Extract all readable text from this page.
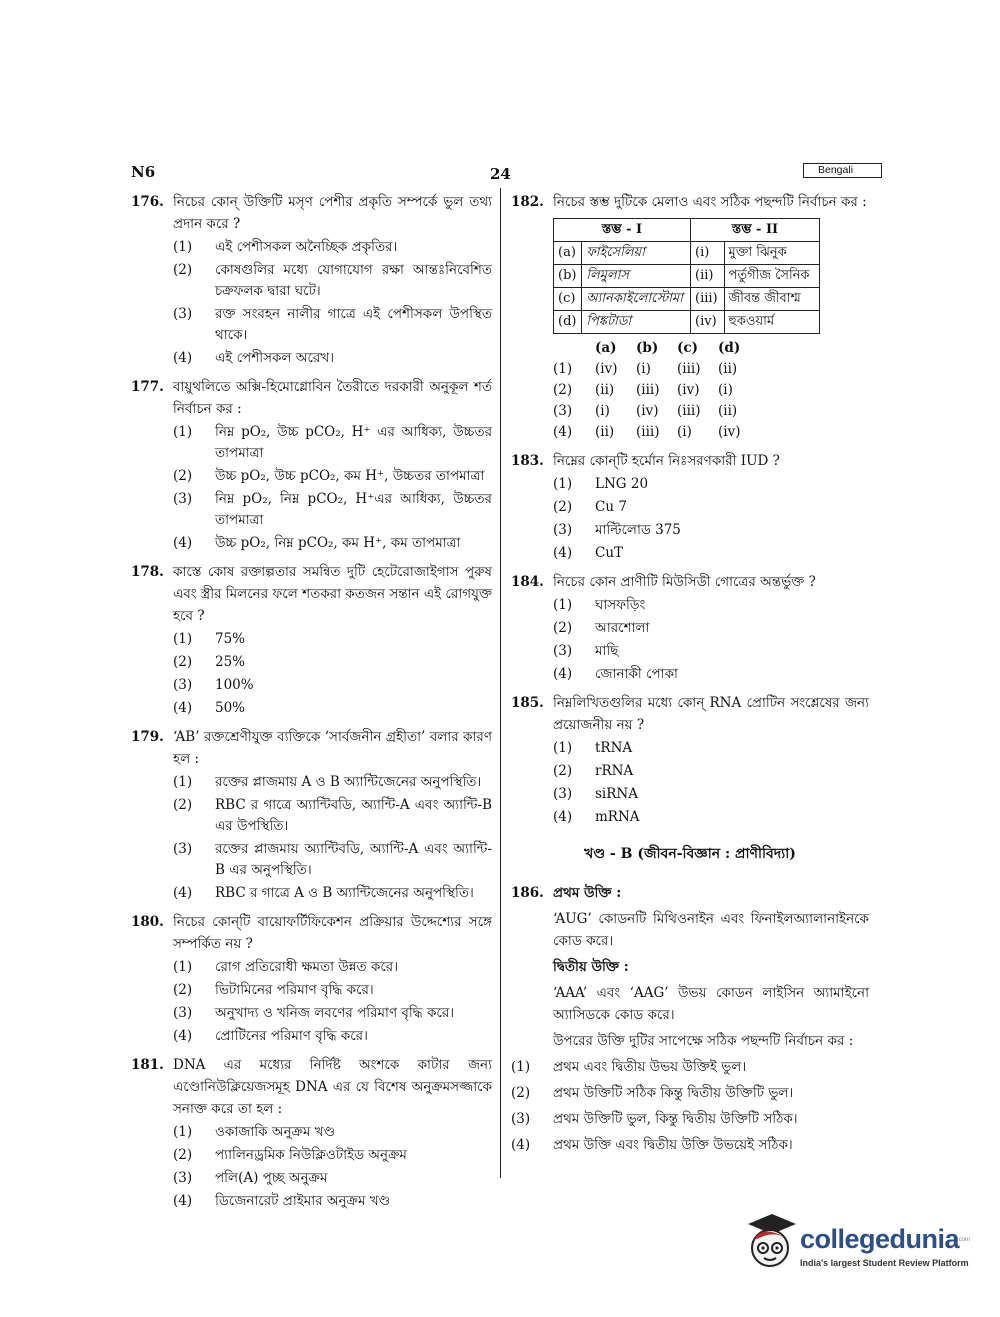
N6	24	Bengali
176. নিচের কোন্ উক্তিটি মসৃণ পেশীর প্রকৃতি সম্পর্কে ভুল তথ্য প্রদান করে ?
(1) এই পেশীসকল অনৈচ্ছিক প্রকৃতির।
(2) কোষগুলির মধ্যে যোগাযোগ রক্ষা আন্তঃনিবেশিত চক্রফলক দ্বারা ঘটে।
(3) রক্ত সংবহন নালীর গাত্রে এই পেশীসকল উপস্থিত থাকে।
(4) এই পেশীসকল অরেখ।
177. বায়ুথলিতে অক্সি-হিমোগ্লোবিন তৈরীতে দরকারী অনুকূল শর্ত নির্বাচন কর :
(1) নিম্ন pO₂, উচ্চ pCO₂, H⁺ এর আধিক্য, উচ্চতর তাপমাত্রা
(2) উচ্চ pO₂, উচ্চ pCO₂, কম H⁺, উচ্চতর তাপমাত্রা
(3) নিম্ন pO₂, নিম্ন pCO₂, H⁺এর আধিক্য, উচ্চতর তাপমাত্রা
(4) উচ্চ pO₂, নিম্ন pCO₂, কম H⁺, কম তাপমাত্রা
178. কাস্তে কোষ রক্তাল্পতার সমন্বিত দুটি হেটেরোজাইগাস পুরুষ এবং স্ত্রীর মিলনের ফলে শতকরা কতজন সন্তান এই রোগযুক্ত হবে ?
(1) 75%
(2) 25%
(3) 100%
(4) 50%
179. ‘AB’ রক্তশ্রেণীযুক্ত ব্যক্তিকে ‘সার্বজনীন গ্রহীতা’ বলার কারণ হল :
(1) রক্তের প্লাজমায় A ও B অ্যান্টিজেনের অনুপস্থিতি।
(2) RBC র গাত্রে অ্যান্টিবডি, অ্যান্টি-A এবং অ্যান্টি-B এর উপস্থিতি।
(3) রক্তের প্লাজমায় অ্যান্টিবডি, অ্যান্টি-A এবং অ্যান্টি-B এর অনুপস্থিতি।
(4) RBC র গাত্রে A ও B অ্যান্টিজেনের অনুপস্থিতি।
180. নিচের কোন্‌টি বায়োফর্টিফিকেশন প্রক্রিয়ার উদ্দেশ্যের সঙ্গে সম্পর্কিত নয় ?
(1) রোগ প্রতিরোধী ক্ষমতা উন্নত করে।
(2) ভিটামিনের পরিমাণ বৃদ্ধি করে।
(3) অনুখাদ্য ও খনিজ লবণের পরিমাণ বৃদ্ধি করে।
(4) প্রোটিনের পরিমাণ বৃদ্ধি করে।
181. DNA এর মধ্যের নির্দিষ্ট অংশকে কাটার জন্য এণ্ডোনিউক্লিয়েজসমূহ DNA এর যে বিশেষ অনুক্রমসজ্জাকে সনাক্ত করে তা হল :
(1) ওকাজাকি অনুক্রম খণ্ড
(2) প্যালিনড্রমিক নিউক্লিওটাইড অনুক্রম
(3) পলি(A) পুচ্ছ অনুক্রম
(4) ডিজেনারেট প্রাইমার অনুক্রম খণ্ড
182. নিচের স্তম্ভ দুটিকে মেলাও এবং সঠিক পছন্দটি নির্বাচন কর :
স্তম্ভ - I		স্তম্ভ - II	
(a)	ফাইসেলিয়া	(i)	মুক্তা ঝিনুক
(b)	লিমুলাস	(ii)	পর্তুগীজ সৈনিক
(c)	অ্যানকাইলোস্টোমা	(iii)	জীবন্ত জীবাশ্ম
(d)	পিঙ্কটাডা	(iv)	হুকওয়ার্ম
(a)	(b)	(c)	(d)
(1)	(iv)	(i)	(iii)	(ii)
(2)	(ii)	(iii)	(iv)	(i)
(3)	(i)	(iv)	(iii)	(ii)
(4)	(ii)	(iii)	(i)	(iv)
183. নিম্নের কোন্‌টি হর্মোন নিঃসরণকারী IUD ?
(1) LNG 20
(2) Cu 7
(3) মাল্টিলোড 375
(4) CuT
184. নিচের কোন প্রাণীটি মিউসিডী গোত্রের অন্তর্ভুক্ত ?
(1) ঘাসফড়িং
(2) আরশোলা
(3) মাছি
(4) জোনাকী পোকা
185. নিম্নলিখিতগুলির মধ্যে কোন্ RNA প্রোটিন সংশ্লেষের জন্য প্রয়োজনীয় নয় ?
(1) tRNA
(2) rRNA
(3) siRNA
(4) mRNA
খণ্ড - B (জীবন-বিজ্ঞান : প্রাণীবিদ্যা)
186. প্রথম উক্তি :
‘AUG’ কোডনটি মিথিওনাইন এবং ফিনাইলঅ্যালানাইনকে কোড করে।
দ্বিতীয় উক্তি :
‘AAA’ এবং ‘AAG’ উভয় কোডন লাইসিন অ্যামাইনো অ্যাসিডকে কোড করে।
উপরের উক্তি দুটির সাপেক্ষে সঠিক পছন্দটি নির্বাচন কর :
(1) প্রথম এবং দ্বিতীয় উভয় উক্তিই ভুল।
(2) প্রথম উক্তিটি সঠিক কিন্তু দ্বিতীয় উক্তিটি ভুল।
(3) প্রথম উক্তিটি ভুল, কিন্তু দ্বিতীয় উক্তিটি সঠিক।
(4) প্রথম উক্তি এবং দ্বিতীয় উক্তি উভয়েই সঠিক।
collegedunia
.com
India's largest Student Review Platform
